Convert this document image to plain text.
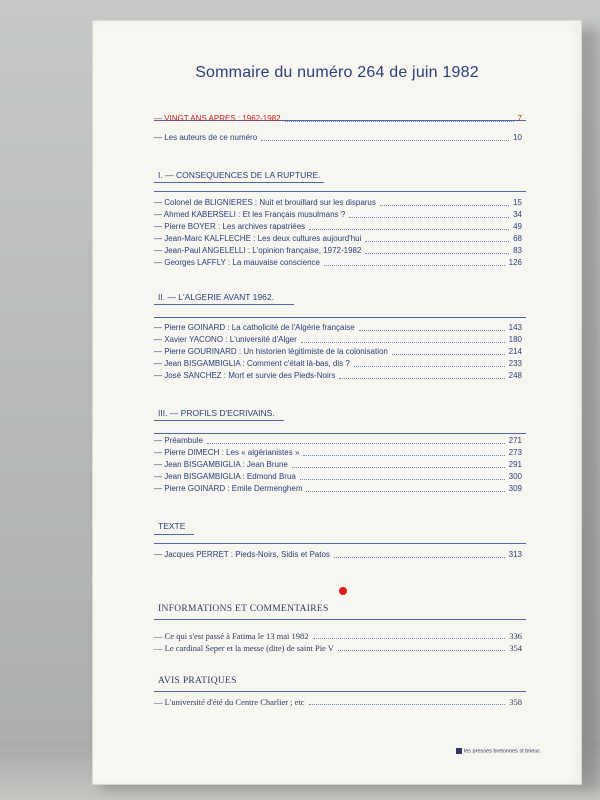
Sommaire du numéro 264 de juin 1982
— VINGT ANS APRES : 1962-1982	7
— Les auteurs de ce numéro	10
I. — CONSEQUENCES DE LA RUPTURE.
— Colonel de BLIGNIERES : Nuit et brouillard sur les disparus	15
— Ahmed KABERSELI : Et les Français musulmans ?	34
— Pierre BOYER : Les archives rapatriées	49
— Jean-Marc KALFLECHE : Les deux cultures aujourd'hui	68
— Jean-Paul ANGELELLI : L'opinion française, 1972-1982	83
— Georges LAFFLY : La mauvaise conscience	126
II. — L'ALGERIE AVANT 1962.
— Pierre GOINARD : La catholicité de l'Algérie française	143
— Xavier YACONO : L'université d'Alger	180
— Pierre GOURINARD : Un historien légitimiste de la colonisation	214
— Jean BISGAMBIGLIA : Comment c'était là-bas, dis ?	233
— José SANCHEZ : Mort et survie des Pieds-Noirs	248
III. — PROFILS D'ECRIVAINS.
— Préambule	271
— Pierre DIMECH : Les « algérianistes »	273
— Jean BISGAMBIGLIA : Jean Brune	291
— Jean BISGAMBIGLIA : Edmond Brua	300
— Pierre GOINARD : Emile Dermenghem	309
TEXTE
— Jacques PERRET : Pieds-Noirs, Sidis et Patos	313
INFORMATIONS ET COMMENTAIRES
— Ce qui s'est passé à Fatima le 13 mai 1982	336
— Le cardinal Seper et la messe (dite) de saint Pie V	354
AVIS PRATIQUES
— L'université d'été du Centre Charlier ; etc	358
les presses bretonnes st brieuc
